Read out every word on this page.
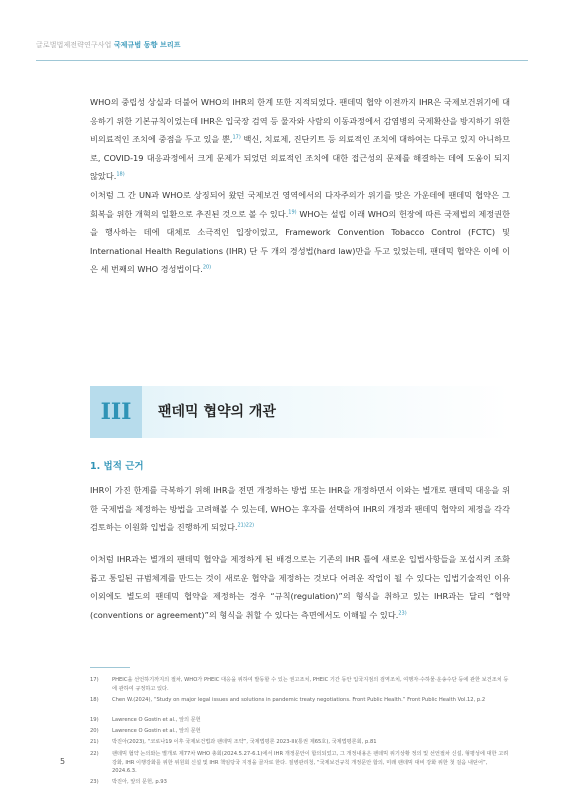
글로벌법제전략연구사업 국제규범 동향 브리프

WHO의 중립성 상실과 더불어 WHO의 IHR의 한계 또한 지적되었다. 팬데믹 협약 이전까지 IHR은 국제보건위기에 대응하기 위한 기본규칙이었는데 IHR은 입국장 검역 등 물자와 사람의 이동과정에서 감염병의 국제확산을 방지하기 위한 비의료적인 조치에 중점을 두고 있을 뿐,$^{17)}$ 백신, 치료제, 진단키트 등 의료적인 조치에 대하여는 다루고 있지 아니하므로, COVID-19 대응과정에서 크게 문제가 되었던 의료적인 조치에 대한 접근성의 문제를 해결하는 데에 도움이 되지 않았다.$^{18)}$

이처럼 그 간 UN과 WHO로 상징되어 왔던 국제보건 영역에서의 다자주의가 위기를 맞은 가운데에 팬데믹 협약은 그 회복을 위한 개혁의 일환으로 추진된 것으로 볼 수 있다.$^{19)}$ WHO는 설립 이래 WHO의 헌장에 따른 국제법의 제정권한을 행사하는 데에 대체로 소극적인 입장이었고, Framework Convention Tobacco Control (FCTC) 및 International Health Regulations (IHR) 단 두 개의 경성법(hard law)만을 두고 있었는데, 팬데믹 협약은 이에 이은 세 번째의 WHO 경성법이다.$^{20)}$

III	팬데믹 협약의 개관
1. 법적 근거

IHR이 가진 한계를 극복하기 위해 IHR을 전면 개정하는 방법 또는 IHR을 개정하면서 이와는 별개로 팬데믹 대응을 위한 국제법을 제정하는 방법을 고려해볼 수 있는데, WHO는 후자를 선택하여 IHR의 개정과 팬데믹 협약의 제정을 각각 검토하는 이원화 입법을 진행하게 되었다.$^{21)22)}$

이처럼 IHR과는 별개의 팬데믹 협약을 제정하게 된 배경으로는 기존의 IHR 틀에 새로운 입법사항들을 포섭시켜 조화롭고 통일된 규범체계를 만드는 것이 새로운 협약을 제정하는 것보다 어려운 작업이 될 수 있다는 입법기술적인 이유 이외에도 별도의 팬데믹 협약을 제정하는 경우 “규칙(regulation)”의 형식을 취하고 있는 IHR과는 달리 “협약(conventions or agreement)”의 형식을 취할 수 있다는 측면에서도 이해될 수 있다.$^{23)}$

17)	PHEIC을 선언하기까지의 절차, WHO가 PHEIC 대응을 위하여 발동할 수 있는 권고조치, PHEIC 기간 동안 입국지점의 검역조치, 여행자·수하물·운송수단 등에 관한 보건조치 등에 관하여 규정하고 있다.
18)	Chen W.(2024), “Study on major legal issues and solutions in pandemic treaty negotiations. Front Public Health.” Front Public Health Vol.12, p.2
19)	Lawrence O Gostin et al., 앞의 문헌
20)	Lawrence O Gostin et al., 앞의 문헌
21)	박진아(2023), “코로나19 이후 국제보건법과 팬데믹 조약”, 국제법평론 2023-III(통권 제65호), 국제법평론회, p.81
22)	팬데믹 협약 논의와는 별개로 제77차 WHO 총회(2024.5.27-6.1)에서 IHR 개정문안이 합의되었고, 그 개정내용은 팬데믹 위기상황 정의 및 선언절차 신설, 형평성에 대한 고려 강화, IHR 이행강화를 위한 위원회 신설 및 IHR 책임당국 지정을 골자로 한다. 질병관리청, “국제보건규칙 개정문안 합의, 미래 팬데믹 대비 강화 위한 첫 걸음 내딛어”, 2024.6.3.
23)	박진아, 앞의 문헌, p.93
5
